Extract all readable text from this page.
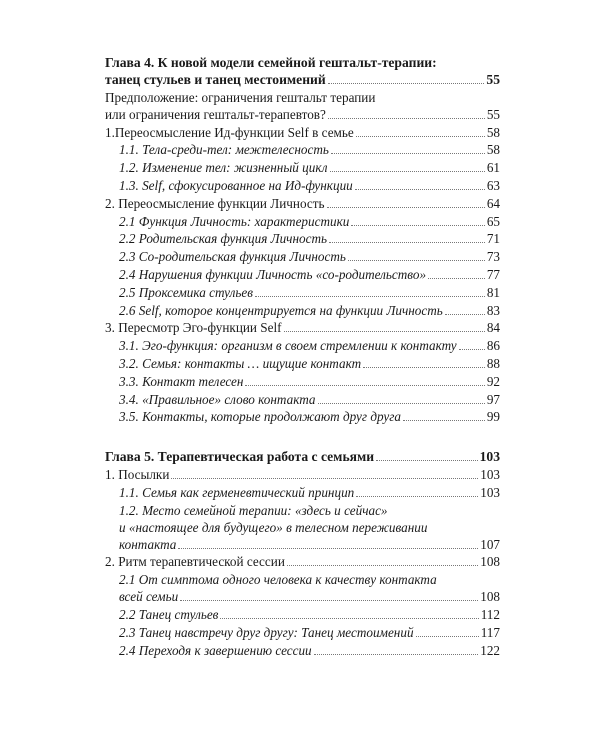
Глава 4. К новой модели семейной гештальт-терапии:
танец стульев и танец местоимений	55
Предположение: ограничения гештальт терапии
или ограничения гештальт-терапевтов?	55
1.Переосмысление Ид-функции Self в семье	58
1.1. Тела-среди-тел: межтелесность	58
1.2. Изменение тел: жизненный цикл	61
1.3. Self, сфокусированное на Ид-функции	63
2. Переосмысление функции Личность	64
2.1 Функция Личность: характеристики	65
2.2 Родительская функция Личность	71
2.3 Со-родительская функция Личность	73
2.4 Нарушения функции Личность «со-родительство»	77
2.5 Проксемика стульев	81
2.6 Self, которое концентрируется на функции Личность	83
3. Пересмотр Эго-функции Self	84
3.1. Эго-функция: организм в своем стремлении к контакту 86
3.2. Семья: контакты … ищущие контакт	88
3.3. Контакт телесен	92
3.4. «Правильное» слово контакта	97
3.5. Контакты, которые продолжают друг друга	99
Глава 5. Терапевтическая работа с семьями	103
1. Посылки	103
1.1. Семья как герменевтический принцип	103
1.2. Место семейной терапии: «здесь и сейчас»
и «настоящее для будущего» в телесном переживании
контакта	107
2. Ритм терапевтической сессии	108
2.1 От симптома одного человека к качеству контакта
всей семьи	108
2.2 Танец стульев	112
2.3 Танец навстречу друг другу: Танец местоимений	117
2.4 Переходя к завершению сессии	122
